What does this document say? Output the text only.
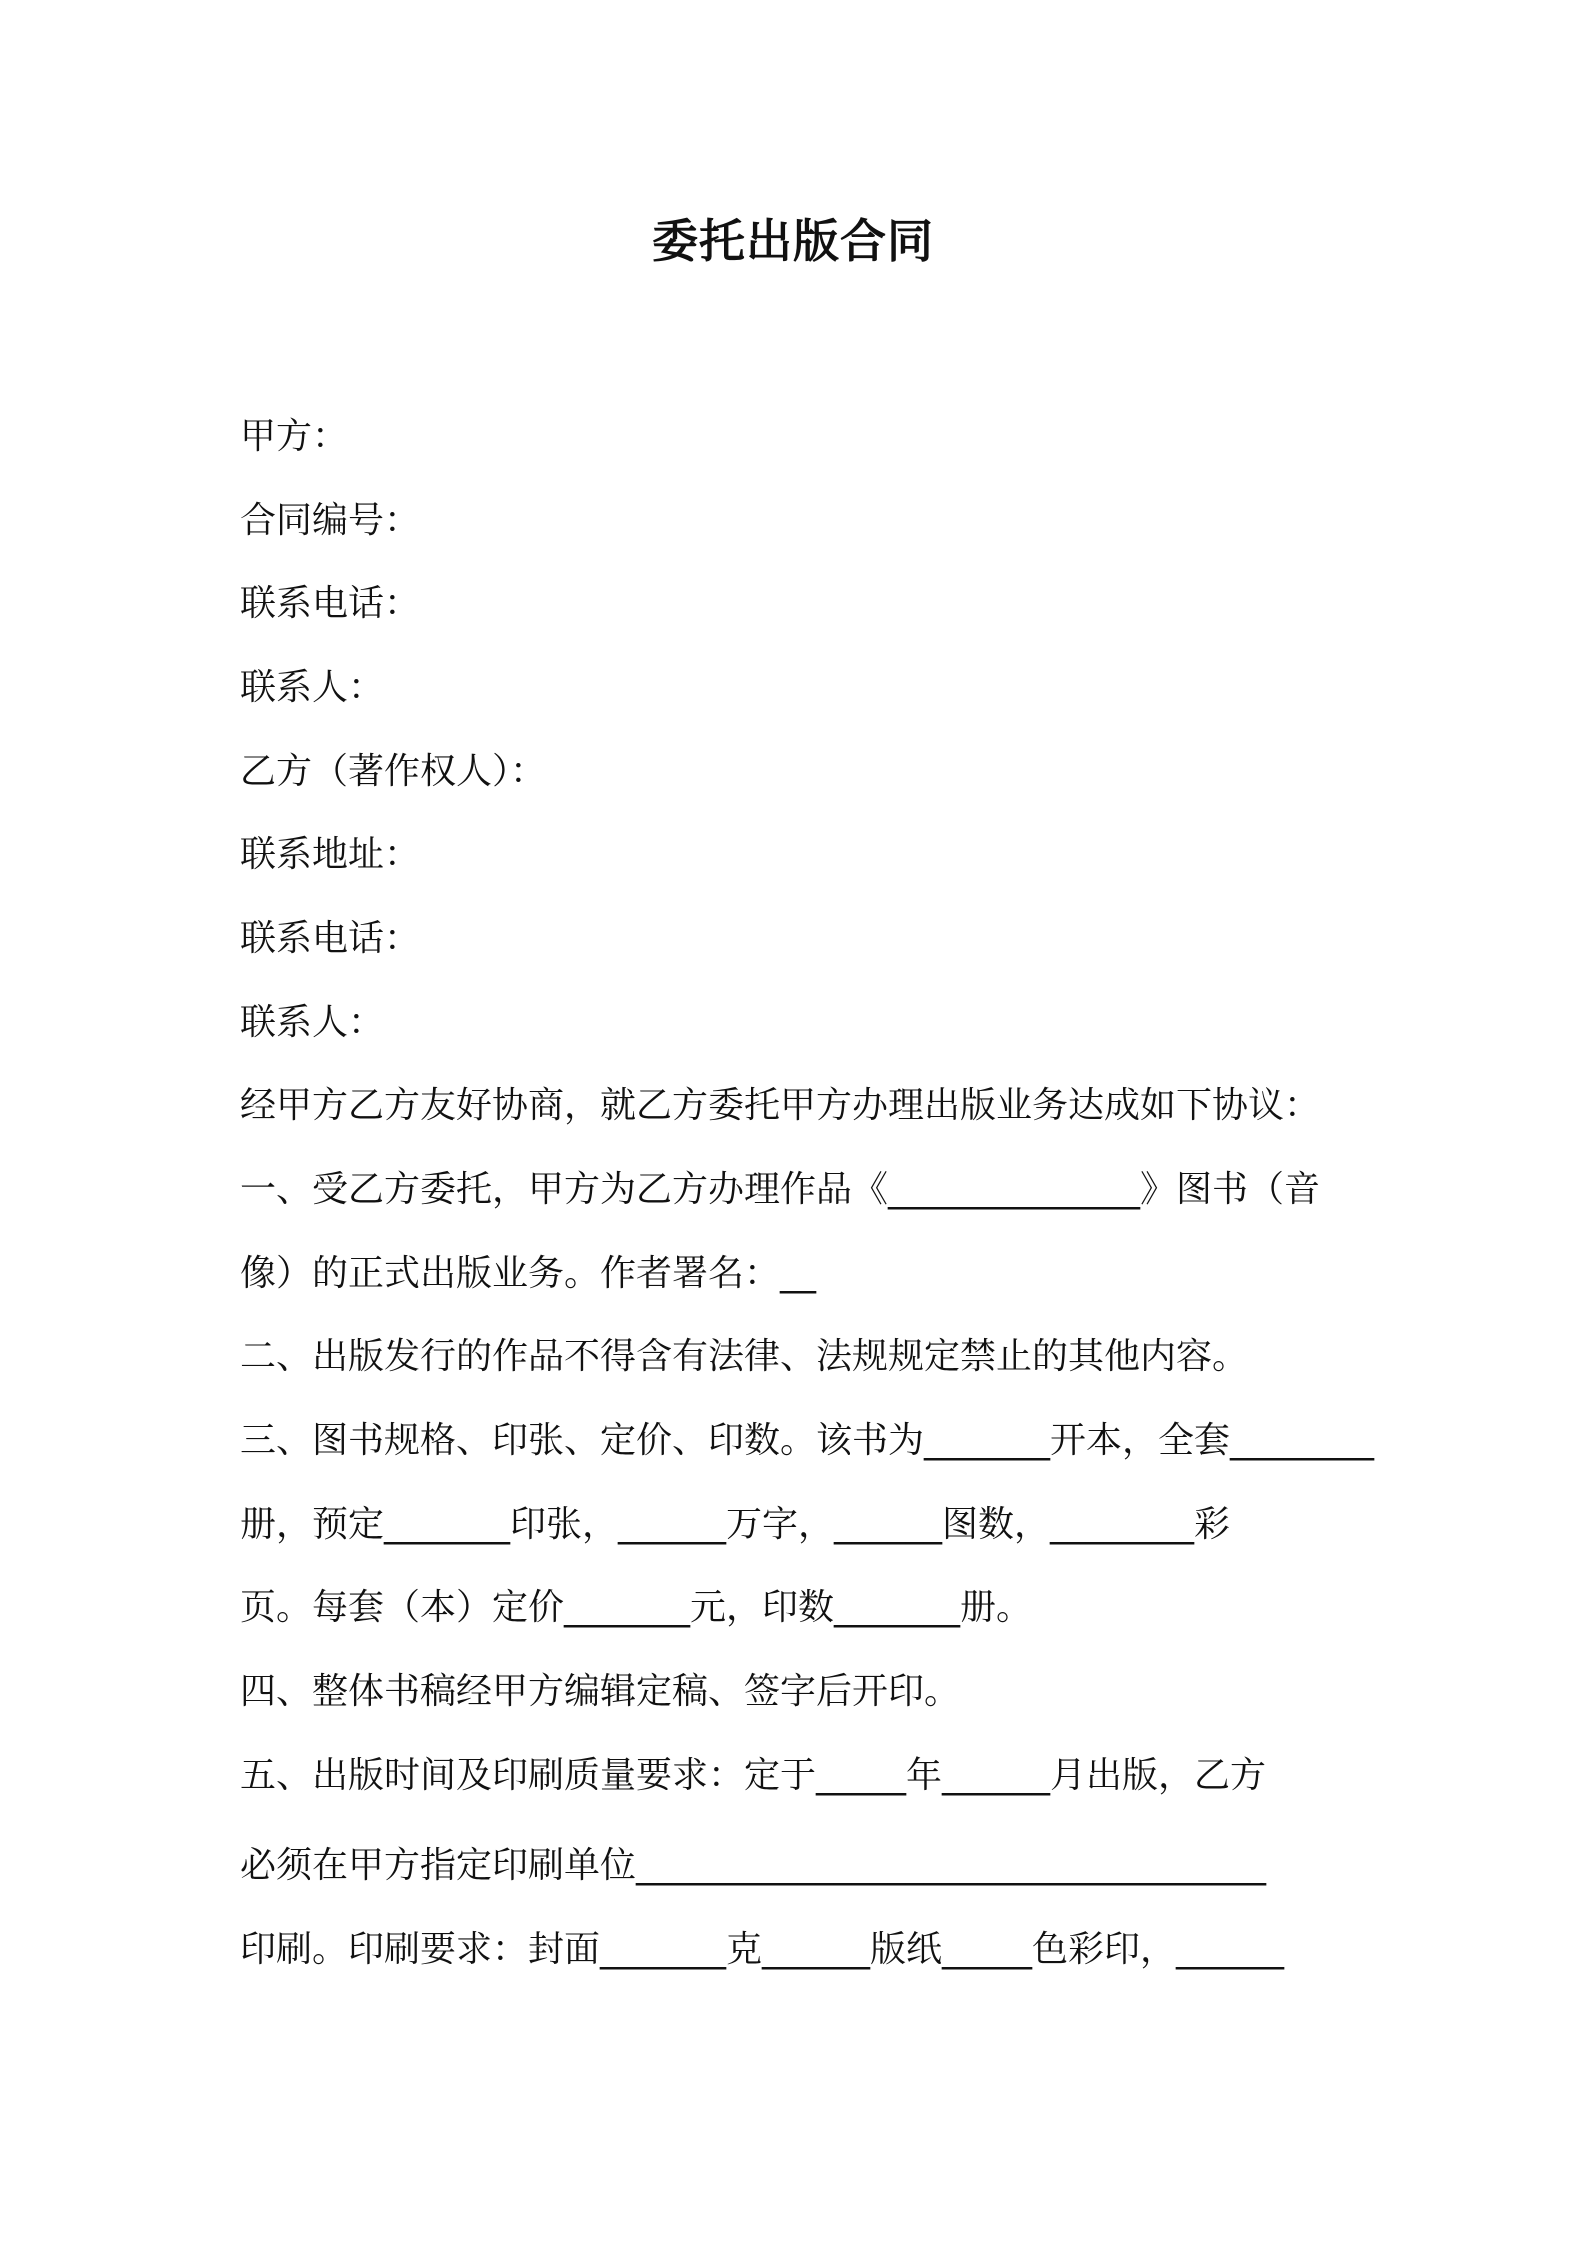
委托出版合同

甲方：

合同编号：

联系电话：

联系人：

乙方（著作权人）：

联系地址：

联系电话：

联系人：

经甲方乙方友好协商，就乙方委托甲方办理出版业务达成如下协议：

一、受乙方委托，甲方为乙方办理作品《______________》图书（音

像）的正式出版业务。作者署名：__

二、出版发行的作品不得含有法律、法规规定禁止的其他内容。

三、图书规格、印张、定价、印数。该书为_______开本，全套________

册，预定_______印张，______万字，______图数，________彩

页。每套（本）定价_______元，印数_______册。

四、整体书稿经甲方编辑定稿、签字后开印。

五、出版时间及印刷质量要求：定于_____年______月出版，乙方

必须在甲方指定印刷单位___________________________________

印刷。印刷要求：封面_______克______版纸_____色彩印，______
